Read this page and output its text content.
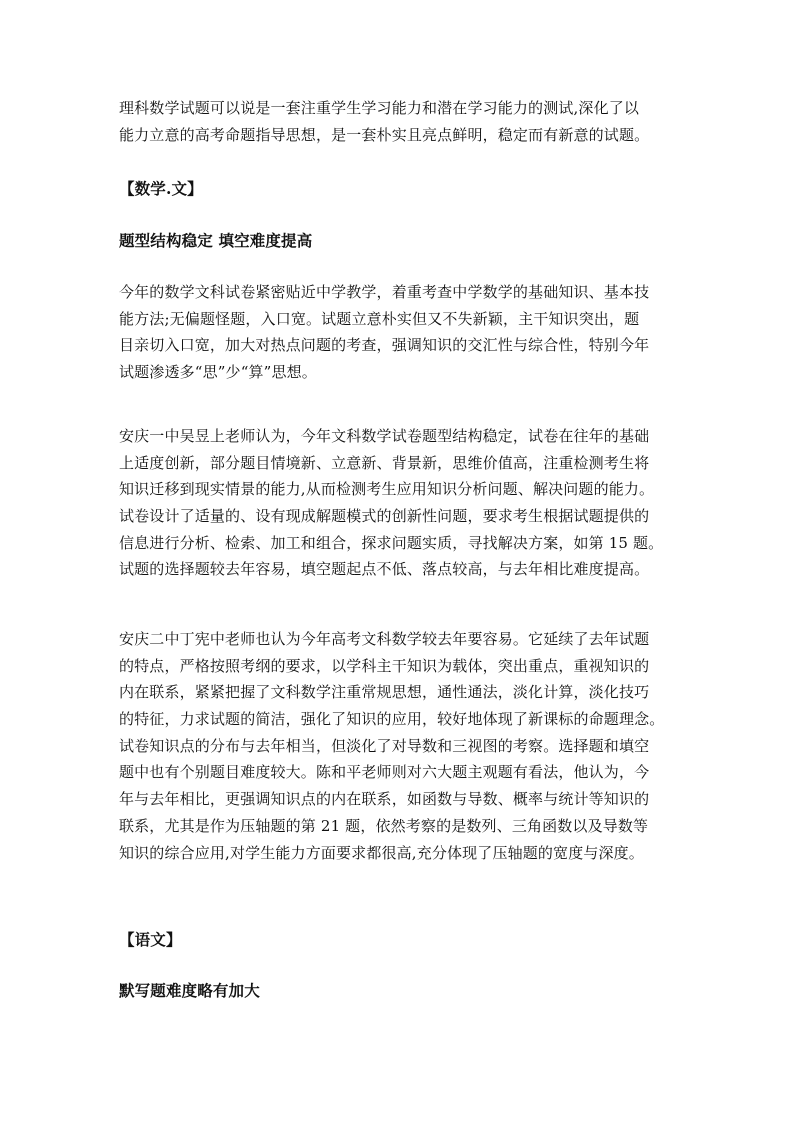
理科数学试题可以说是一套注重学生学习能力和潜在学习能力的测试,深化了以
能力立意的高考命题指导思想，是一套朴实且亮点鲜明，稳定而有新意的试题。
【数学.文】
题型结构稳定 填空难度提高
今年的数学文科试卷紧密贴近中学教学，着重考查中学数学的基础知识、基本技
能方法;无偏题怪题，入口宽。试题立意朴实但又不失新颖，主干知识突出，题
目亲切入口宽，加大对热点问题的考查，强调知识的交汇性与综合性，特别今年
试题渗透多“思”少“算”思想。
安庆一中吴昱上老师认为，今年文科数学试卷题型结构稳定，试卷在往年的基础
上适度创新，部分题目情境新、立意新、背景新，思维价值高，注重检测考生将
知识迁移到现实情景的能力,从而检测考生应用知识分析问题、解决问题的能力。
试卷设计了适量的、设有现成解题模式的创新性问题，要求考生根据试题提供的
信息进行分析、检索、加工和组合，探求问题实质，寻找解决方案，如第 15 题。
试题的选择题较去年容易，填空题起点不低、落点较高，与去年相比难度提高。
安庆二中丁宪中老师也认为今年高考文科数学较去年要容易。它延续了去年试题
的特点，严格按照考纲的要求，以学科主干知识为载体，突出重点，重视知识的
内在联系，紧紧把握了文科数学注重常规思想，通性通法，淡化计算，淡化技巧
的特征，力求试题的简洁，强化了知识的应用，较好地体现了新课标的命题理念。
试卷知识点的分布与去年相当，但淡化了对导数和三视图的考察。选择题和填空
题中也有个别题目难度较大。陈和平老师则对六大题主观题有看法，他认为，今
年与去年相比，更强调知识点的内在联系，如函数与导数、概率与统计等知识的
联系，尤其是作为压轴题的第 21 题，依然考察的是数列、三角函数以及导数等
知识的综合应用,对学生能力方面要求都很高,充分体现了压轴题的宽度与深度。
【语文】
默写题难度略有加大
